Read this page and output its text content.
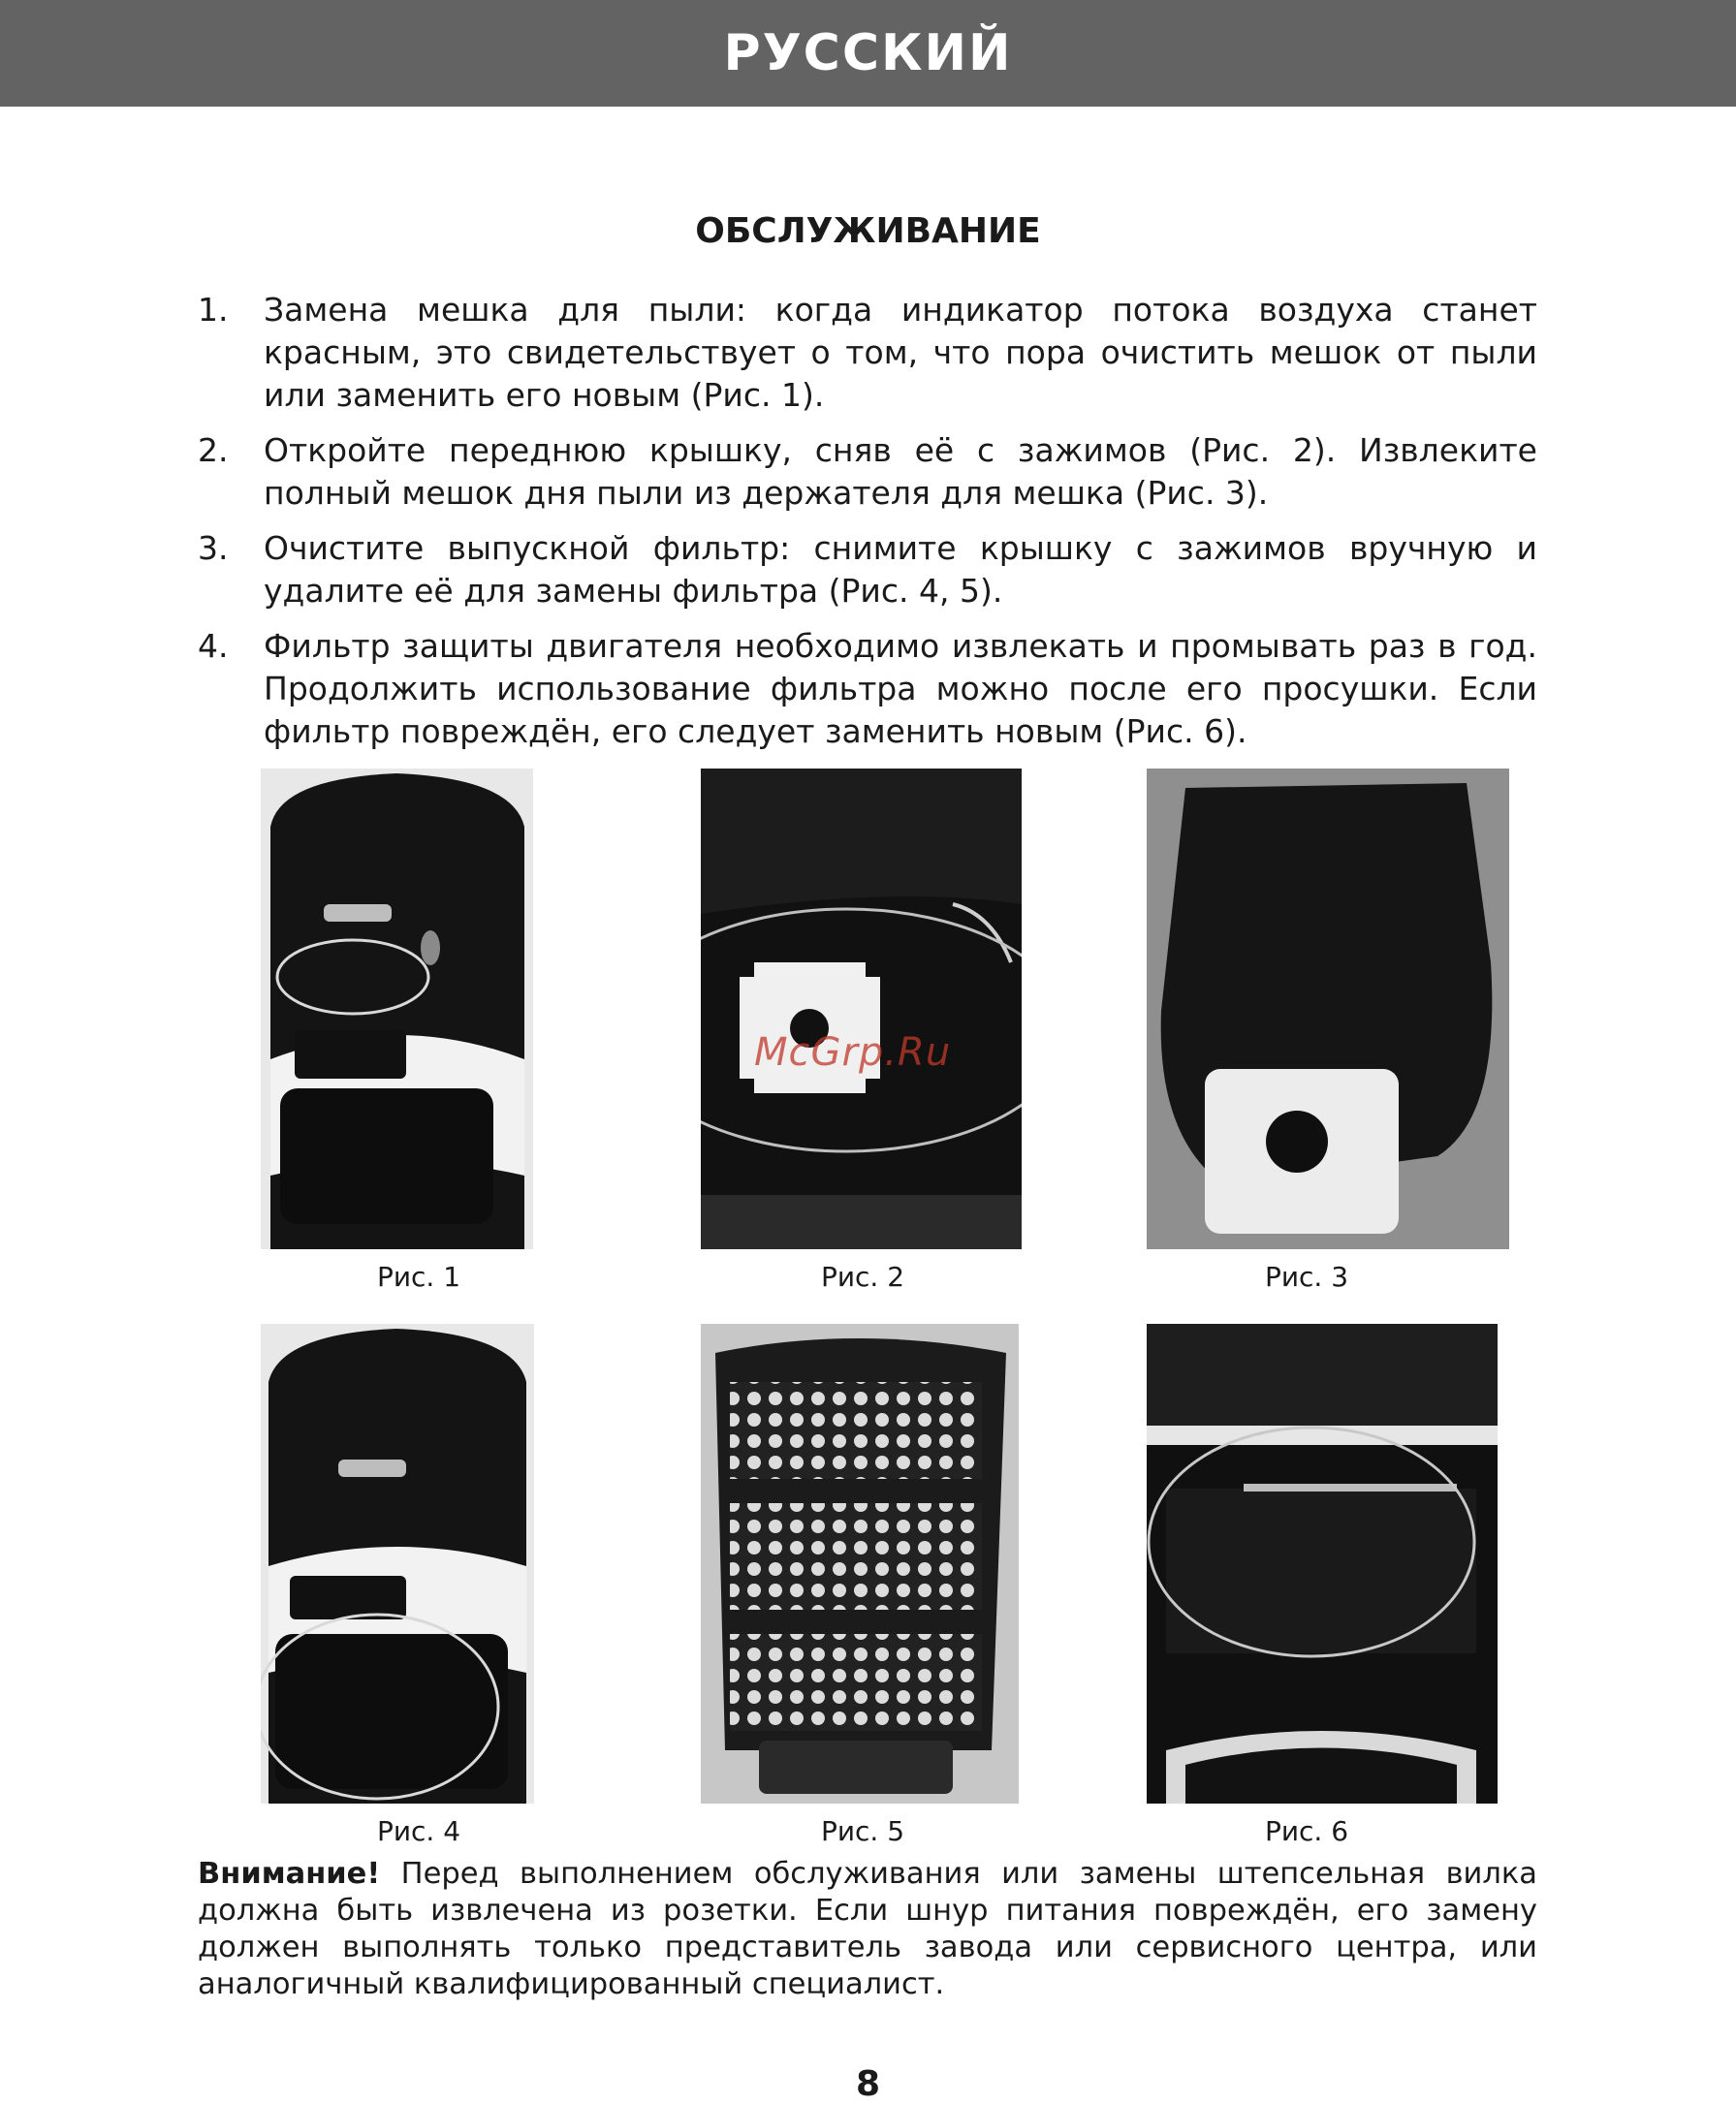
РУССКИЙ
ОБСЛУЖИВАНИЕ
1.	Замена мешка для пыли: когда индикатор потока воздуха станет красным, это свидетельствует о том, что пора очистить мешок от пыли или заменить его новым (Рис. 1).
2.	Откройте переднюю крышку, сняв её с зажимов (Рис. 2). Извлеките полный мешок дня пыли из держателя для мешка (Рис. 3).
3.	Очистите выпускной фильтр: снимите крышку с зажимов вручную и удалите её для замены фильтра (Рис. 4, 5).
4.	Фильтр защиты двигателя необходимо извлекать и промывать раз в год. Продолжить использование фильтра можно после его просушки. Если фильтр повреждён, его следует заменить новым (Рис. 6).
Рис. 1	Рис. 2	Рис. 3
Рис. 4	Рис. 5	Рис. 6
McGrp.Ru
Внимание! Перед выполнением обслуживания или замены штепсельная вилка должна быть извлечена из розетки. Если шнур питания повреждён, его замену должен выполнять только представитель завода или сервисного центра, или аналогичный квалифицированный специалист.
8
